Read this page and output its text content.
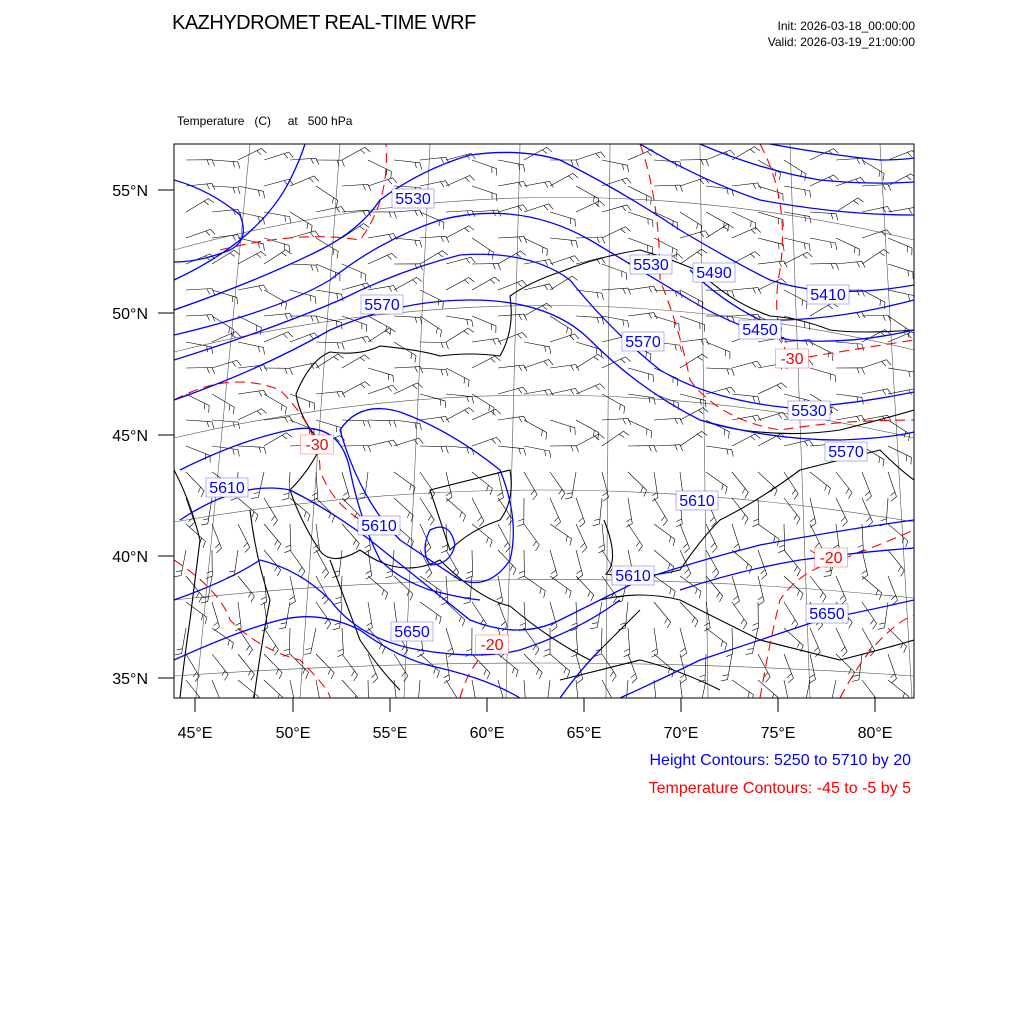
KAZHYDROMET REAL-TIME WRF	Init: 2026-03-18_00:00:00
Valid: 2026-03-19_21:00:00

Temperature   (C)     at   500 hPa

55°N
50°N
45°N
40°N
35°N
45°E	50°E	55°E	60°E	65°E	70°E	75°E	80°E
5530
5530 5490
5410
5570
5570
5450
5530
5570
5610
5610
5610
5610
5650
5650
-30
-30
-20
-20
Height Contours: 5250 to 5710 by 20
Temperature Contours: -45 to -5 by 5
